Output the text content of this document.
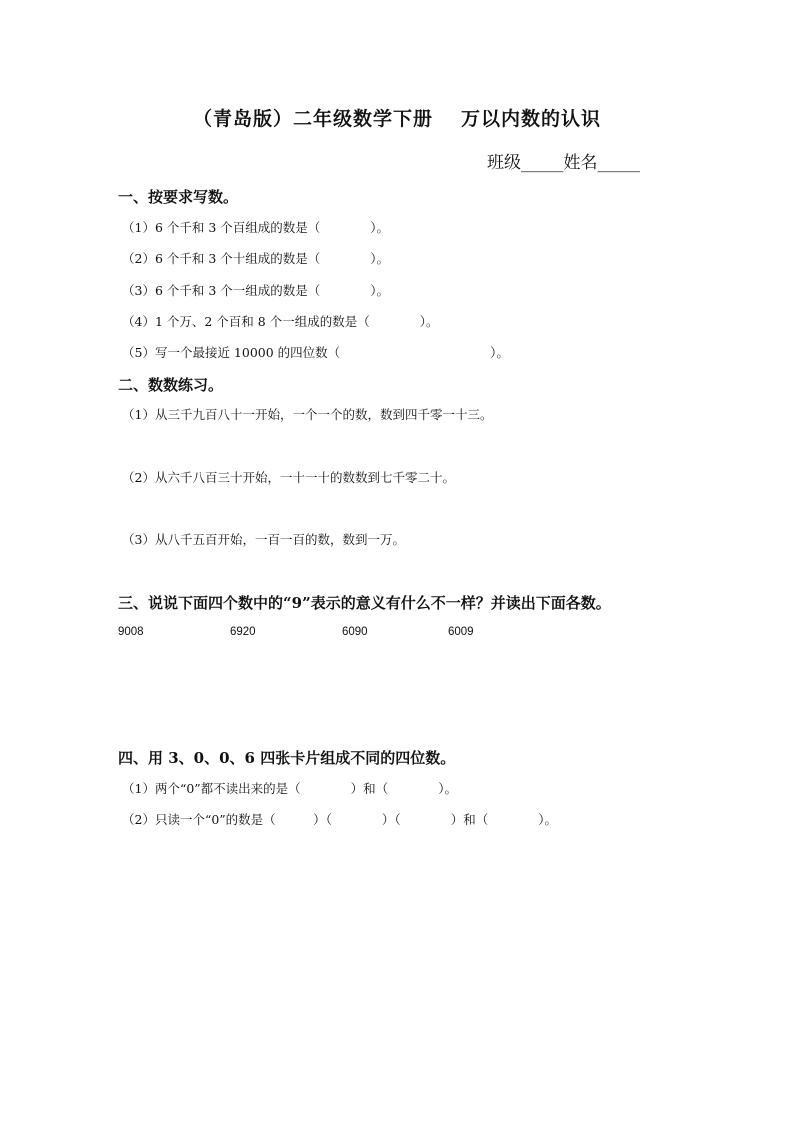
（青岛版）二年级数学下册 万以内数的认识
班级_____姓名_____
一、按要求写数。
（1）6 个千和 3 个百组成的数是（　　　　）。
（2）6 个千和 3 个十组成的数是（　　　　）。
（3）6 个千和 3 个一组成的数是（　　　　）。
（4）1 个万、2 个百和 8 个一组成的数是（　　　　）。
（5）写一个最接近 10000 的四位数（　　　　　　　　　　　　）。
二、数数练习。
（1）从三千九百八十一开始，一个一个的数，数到四千零一十三。
（2）从六千八百三十开始，一十一十的数数到七千零二十。
（3）从八千五百开始，一百一百的数，数到一万。
三、说说下面四个数中的“9”表示的意义有什么不一样？并读出下面各数。
9008	6920	6090	6009
四、用 3、0、0、6 四张卡片组成不同的四位数。
（1）两个“0”都不读出来的是（　　　　）和（　　　　）。
（2）只读一个“0”的数是（　　　）（　　　　）（　　　　）和（　　　　）。
